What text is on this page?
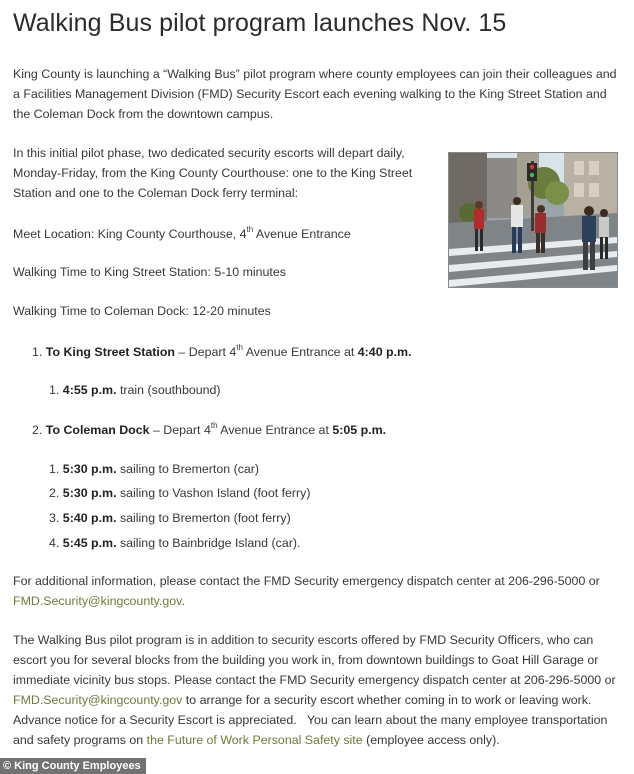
Walking Bus pilot program launches Nov. 15
King County is launching a “Walking Bus” pilot program where county employees can join their colleagues and a Facilities Management Division (FMD) Security Escort each evening walking to the King Street Station and the Coleman Dock from the downtown campus.
In this initial pilot phase, two dedicated security escorts will depart daily, Monday-Friday, from the King County Courthouse: one to the King Street Station and one to the Coleman Dock ferry terminal:
Meet Location: King County Courthouse, 4th Avenue Entrance
Walking Time to King Street Station: 5-10 minutes
Walking Time to Coleman Dock: 12-20 minutes
1. To King Street Station – Depart 4th Avenue Entrance at 4:40 p.m.
1. 4:55 p.m. train (southbound)
2. To Coleman Dock – Depart 4th Avenue Entrance at 5:05 p.m.
1. 5:30 p.m. sailing to Bremerton (car)
2. 5:30 p.m. sailing to Vashon Island (foot ferry)
3. 5:40 p.m. sailing to Bremerton (foot ferry)
4. 5:45 p.m. sailing to Bainbridge Island (car).
For additional information, please contact the FMD Security emergency dispatch center at 206-296-5000 or FMD.Security@kingcounty.gov.
The Walking Bus pilot program is in addition to security escorts offered by FMD Security Officers, who can escort you for several blocks from the building you work in, from downtown buildings to Goat Hill Garage or immediate vicinity bus stops. Please contact the FMD Security emergency dispatch center at 206-296-5000 or FMD.Security@kingcounty.gov to arrange for a security escort whether coming in to work or leaving work. Advance notice for a Security Escort is appreciated.   You can learn about the many employee transportation and safety programs on the Future of Work Personal Safety site (employee access only).
© King County Employees
